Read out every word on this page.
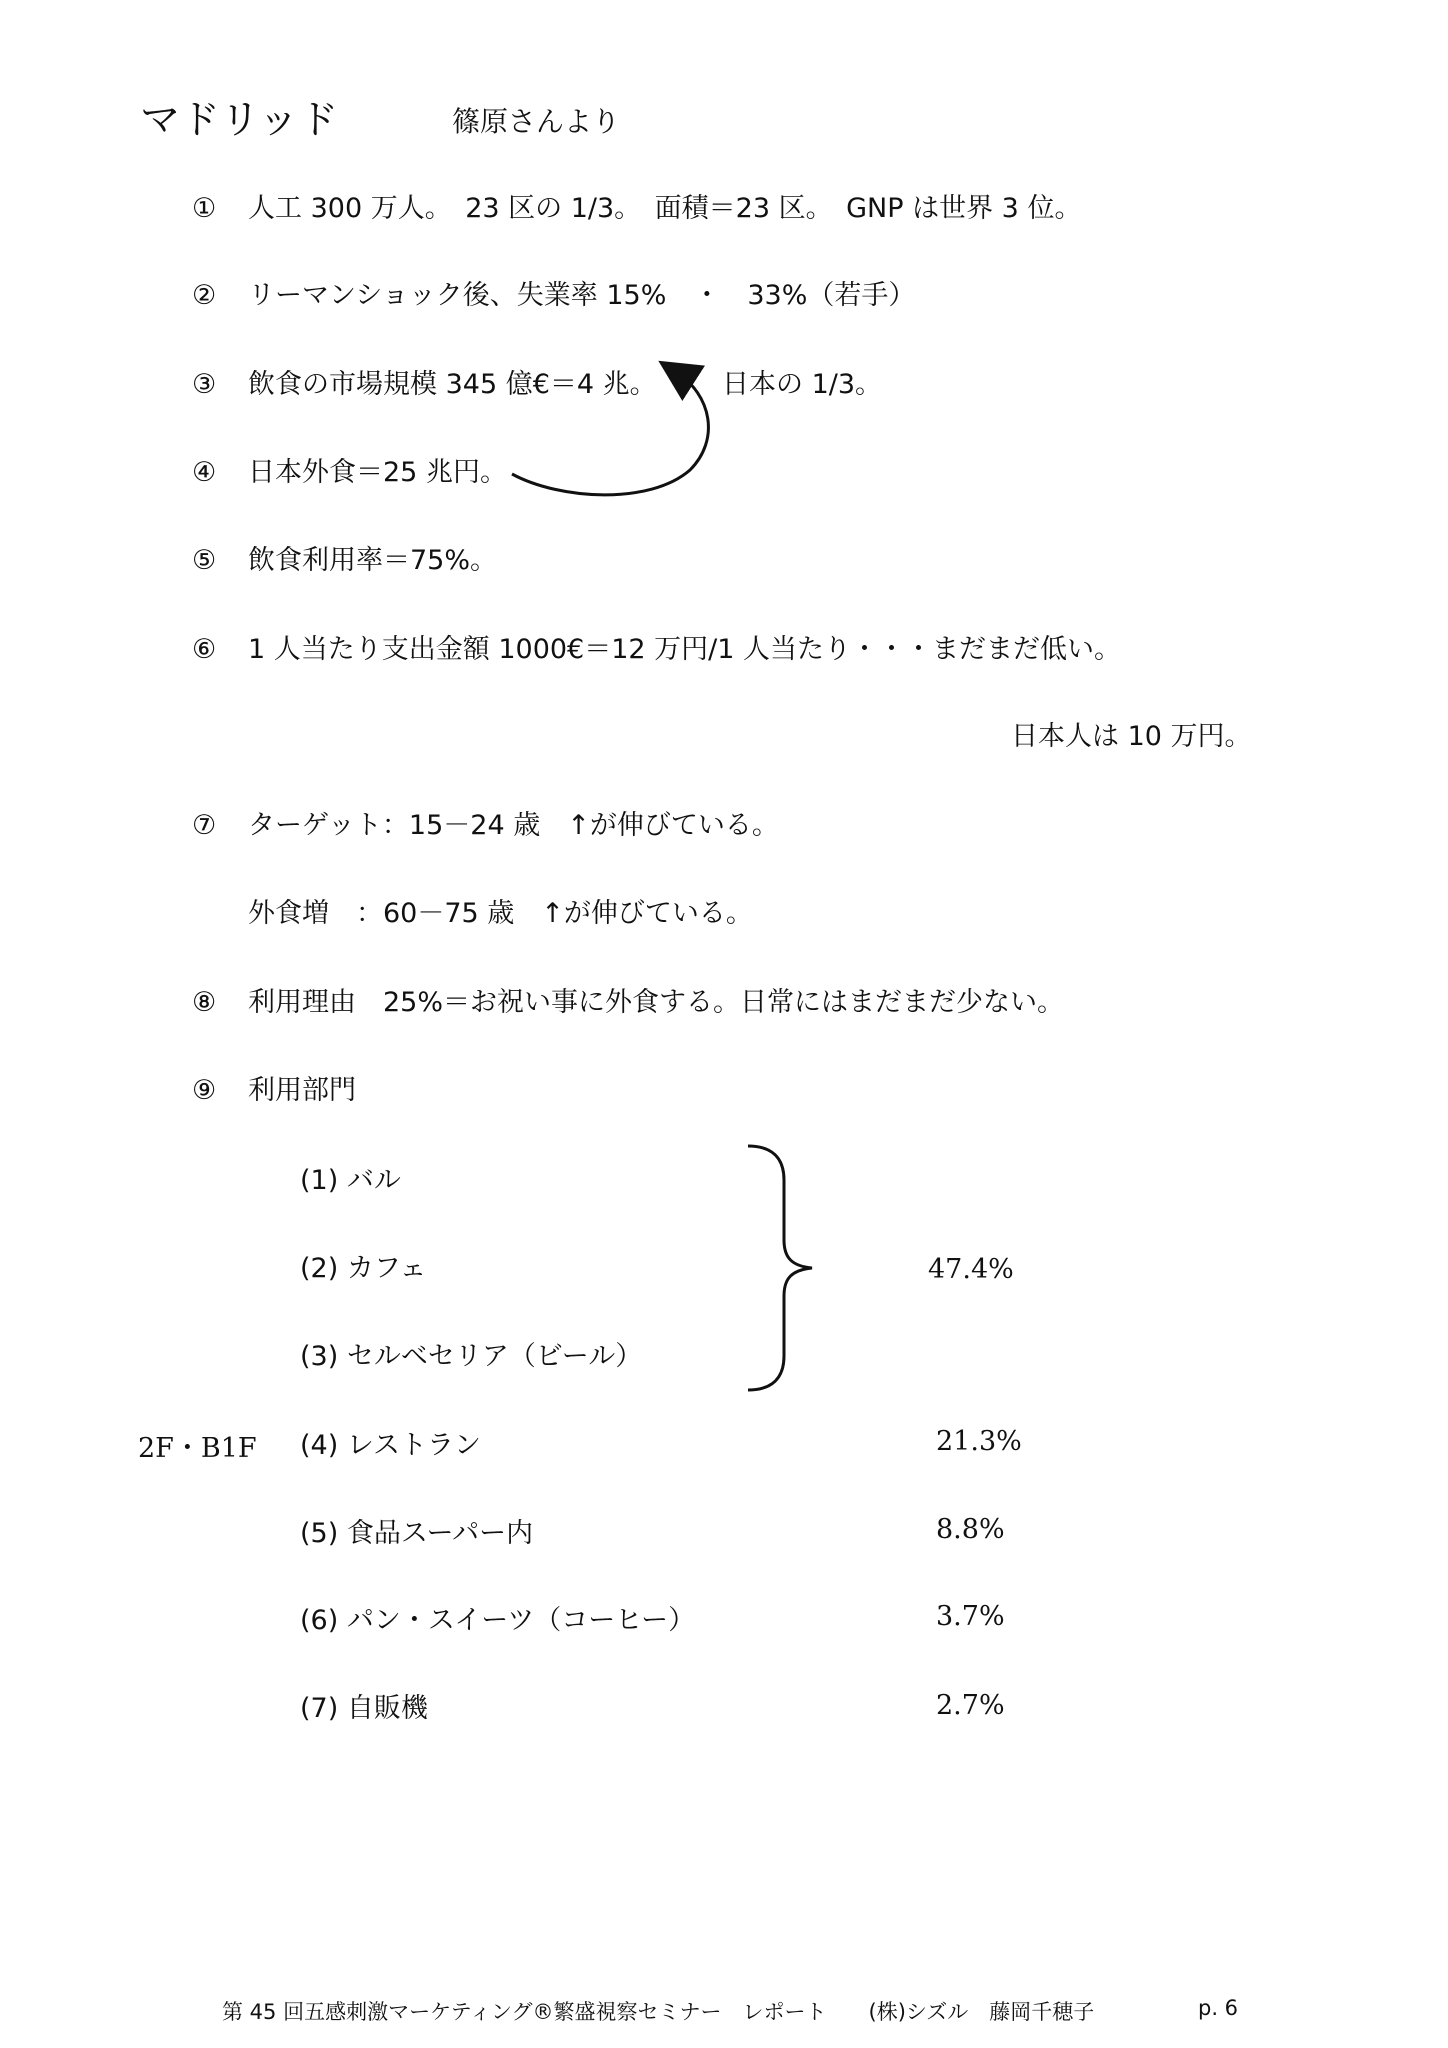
マドリッド	篠原さんより
① 人工 300 万人。　23 区の 1/3。　面積＝23 区。　GNP は世界 3 位。
② リーマンショック後、失業率 15%　・　33%（若手）
③ 飲食の市場規模 345 億€＝4 兆。 日本の 1/3。
④ 日本外食＝25 兆円。
⑤ 飲食利用率＝75%。
⑥ 1 人当たり支出金額 1000€＝12 万円/1 人当たり・・・まだまだ低い。
日本人は 10 万円。
⑦ ターゲット：15－24 歳　↑が伸びている。
外食増　：60－75 歳　↑が伸びている。
⑧ 利用理由　25%＝お祝い事に外食する。日常にはまだまだ少ない。
⑨ 利用部門
(1) バル
(2) カフェ
(3) セルベセリア（ビール）
(4) レストラン
(5) 食品スーパー内
(6) パン・スイーツ（コーヒー）
(7) 自販機
47.4%
21.3%
8.8%
3.7%
2.7%
2F・B1F
第 45 回五感刺激マーケティング®繁盛視察セミナー　レポート　　(株)シズル　藤岡千穂子	p. 6
